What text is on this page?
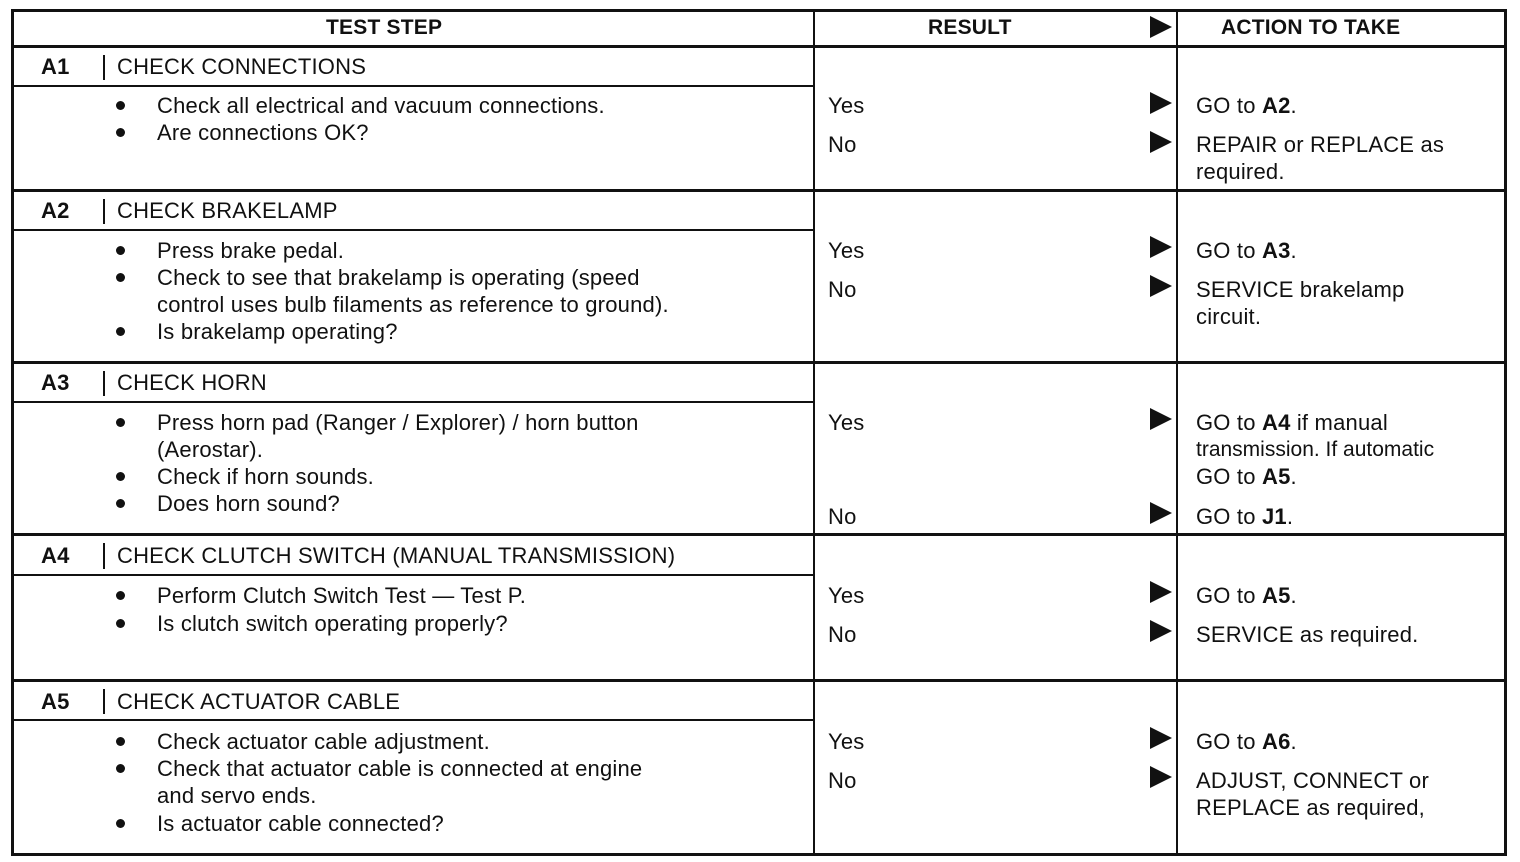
TEST STEP	RESULT	ACTION TO TAKE
A1 CHECK CONNECTIONS
Check all electrical and vacuum connections.
Are connections OK?
Yes	GO to A2.
No	REPAIR or REPLACE as
required.
A2 CHECK BRAKELAMP
Press brake pedal.
Check to see that brakelamp is operating (speed
control uses bulb filaments as reference to ground).
Is brakelamp operating?
Yes	GO to A3.
No	SERVICE brakelamp
circuit.
A3 CHECK HORN
Press horn pad (Ranger / Explorer) / horn button
(Aerostar).
Check if horn sounds.
Does horn sound?
Yes	GO to A4 if manual
transmission. If automatic
GO to A5.
No	GO to J1.
A4 CHECK CLUTCH SWITCH (MANUAL TRANSMISSION)
Perform Clutch Switch Test — Test P.
Is clutch switch operating properly?
Yes	GO to A5.
No	SERVICE as required.
A5 CHECK ACTUATOR CABLE
Check actuator cable adjustment.
Check that actuator cable is connected at engine
and servo ends.
Is actuator cable connected?
Yes	GO to A6.
No	ADJUST, CONNECT or
REPLACE as required,
